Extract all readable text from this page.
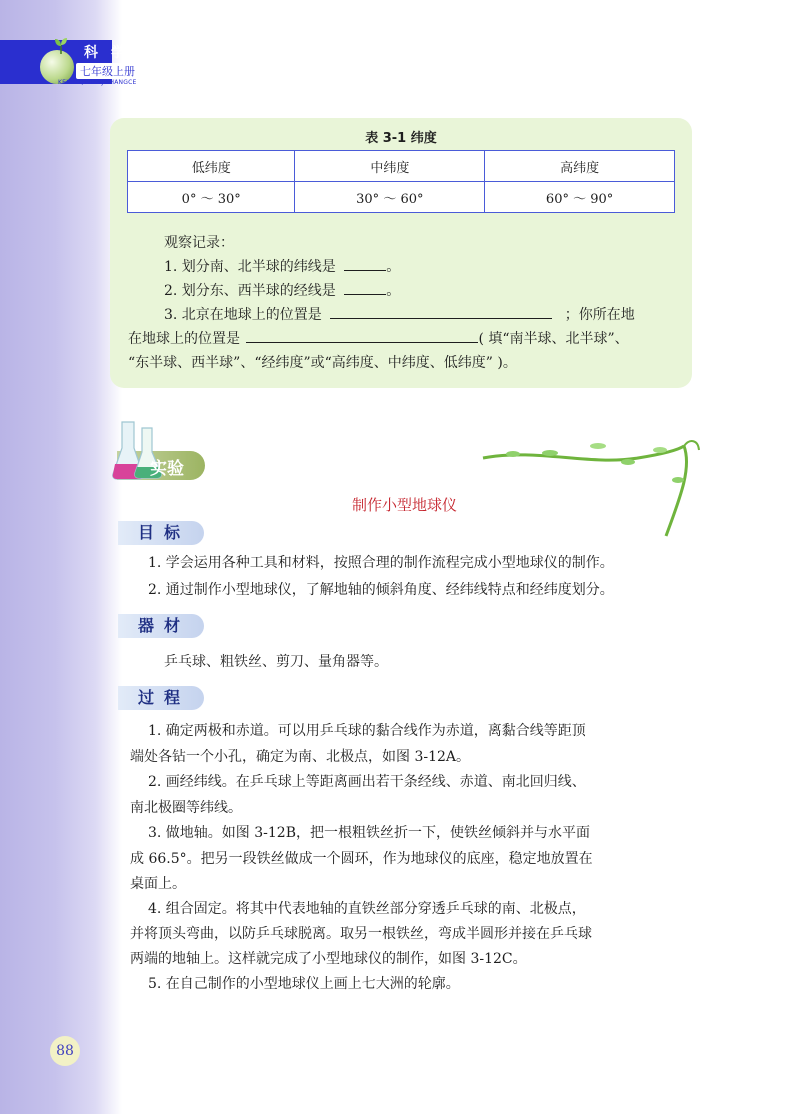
科 学
七年级上册
KEXUEQINIANJISHANGCE
表 3-1 纬度
低纬度	中纬度	高纬度
0° ～ 30°	30° ～ 60°	60° ～ 90°
观察记录：
1. 划分南、北半球的纬线是	。
2. 划分东、西半球的经线是	。
3. 北京在地球上的位置是	；你所在地
在地球上的位置是	( 填“南半球、北半球”、
“东半球、西半球”、“经纬度”或“高纬度、中纬度、低纬度” )。
实验
制作小型地球仪
目标
1. 学会运用各种工具和材料，按照合理的制作流程完成小型地球仪的制作。
2. 通过制作小型地球仪，了解地轴的倾斜角度、经纬线特点和经纬度划分。
器材
乒乓球、粗铁丝、剪刀、量角器等。
过程
1. 确定两极和赤道。可以用乒乓球的黏合线作为赤道，离黏合线等距顶
端处各钻一个小孔，确定为南、北极点，如图 3-12A。
2. 画经纬线。在乒乓球上等距离画出若干条经线、赤道、南北回归线、
南北极圈等纬线。
3. 做地轴。如图 3-12B，把一根粗铁丝折一下，使铁丝倾斜并与水平面
成 66.5°。把另一段铁丝做成一个圆环，作为地球仪的底座，稳定地放置在
桌面上。
4. 组合固定。将其中代表地轴的直铁丝部分穿透乒乓球的南、北极点，
并将顶头弯曲，以防乒乓球脱离。取另一根铁丝，弯成半圆形并接在乒乓球
两端的地轴上。这样就完成了小型地球仪的制作，如图 3-12C。
5. 在自己制作的小型地球仪上画上七大洲的轮廓。
88
